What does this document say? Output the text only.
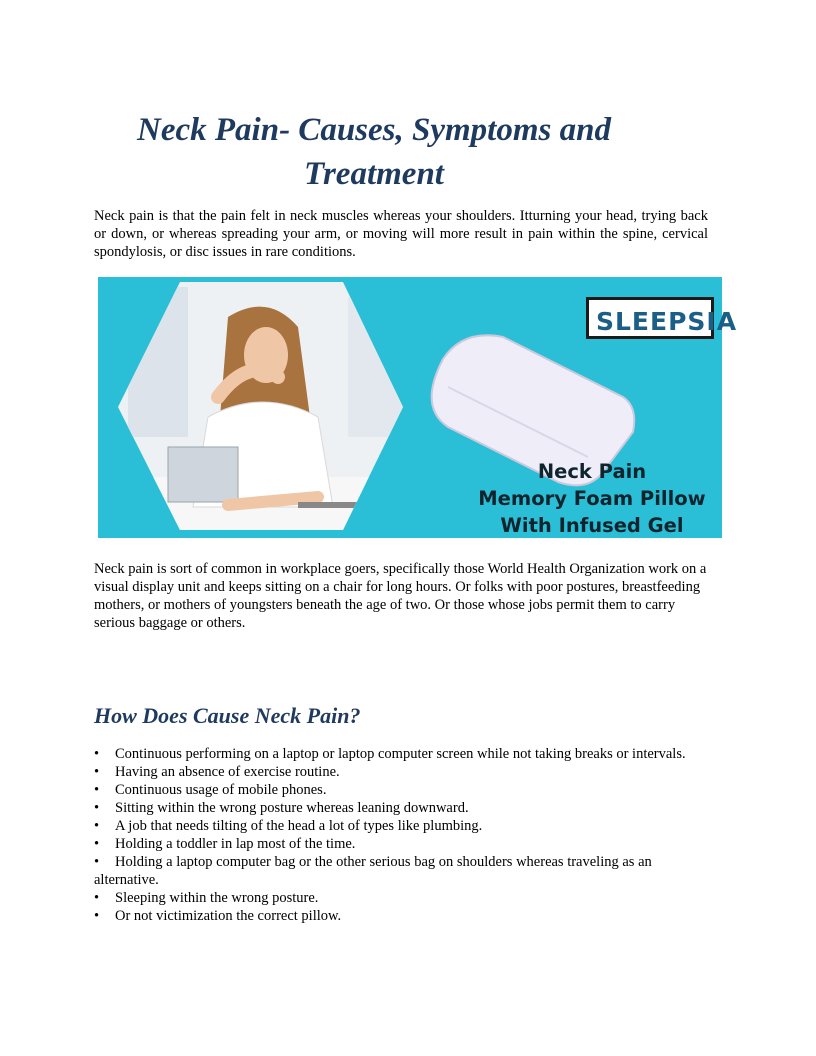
Neck Pain- Causes, Symptoms and Treatment

Neck pain is that the pain felt in neck muscles whereas your shoulders. Itturning your head, trying back or down, or whereas spreading your arm, or moving will more result in pain within the spine, cervical spondylosis, or disc issues in rare conditions.

SLEEPSIA
Neck Pain
Memory Foam Pillow
With Infused Gel

Neck pain is sort of common in workplace goers, specifically those World Health Organization work on a visual display unit and keeps sitting on a chair for long hours. Or folks with poor postures, breastfeeding mothers, or mothers of youngsters beneath the age of two. Or those whose jobs permit them to carry serious baggage or others.

How Does Cause Neck Pain?
• Continuous performing on a laptop or laptop computer screen while not taking breaks or intervals.
• Having an absence of exercise routine.
• Continuous usage of mobile phones.
• Sitting within the wrong posture whereas leaning downward.
• A job that needs tilting of the head a lot of types like plumbing.
• Holding a toddler in lap most of the time.
• Holding a laptop computer bag or the other serious bag on shoulders whereas traveling as an alternative.
• Sleeping within the wrong posture.
• Or not victimization the correct pillow.
